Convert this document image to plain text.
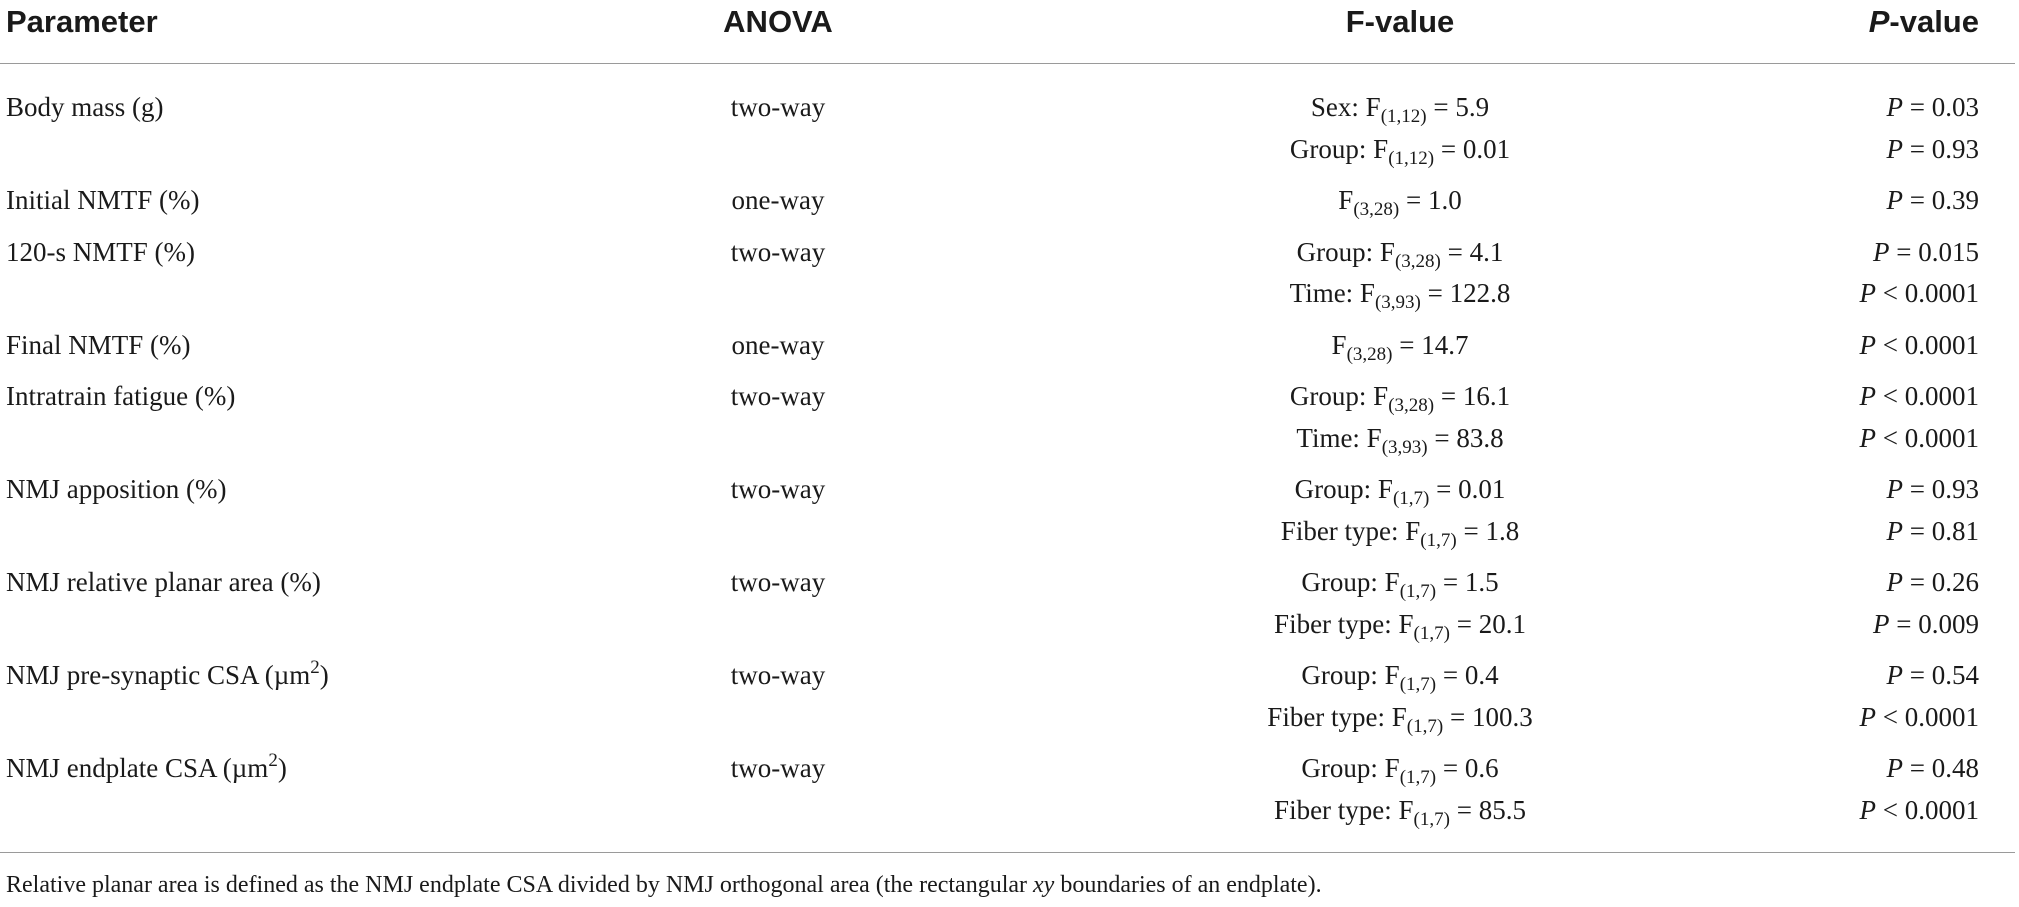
Parameter	ANOVA	F-value	P-value
Body mass (g)	two-way	Sex: $F_{(1,12)} = 5.9$	P = 0.03
Group: $F_{(1,12)} = 0.01$	P = 0.93
Initial NMTF (%)	one-way	$F_{(3,28)} = 1.0$	P = 0.39
120-s NMTF (%)	two-way	Group: $F_{(3,28)} = 4.1$	P = 0.015
Time: $F_{(3,93)} = 122.8$	P < 0.0001
Final NMTF (%)	one-way	$F_{(3,28)} = 14.7$	P < 0.0001
Intratrain fatigue (%)	two-way	Group: $F_{(3,28)} = 16.1$	P < 0.0001
Time: $F_{(3,93)} = 83.8$	P < 0.0001
NMJ apposition (%)	two-way	Group: $F_{(1,7)} = 0.01$	P = 0.93
Fiber type: $F_{(1,7)} = 1.8$	P = 0.81
NMJ relative planar area (%)	two-way	Group: $F_{(1,7)} = 1.5$	P = 0.26
Fiber type: $F_{(1,7)} = 20.1$	P = 0.009
NMJ pre-synaptic CSA (µm$^2$)	two-way	Group: $F_{(1,7)} = 0.4$	P = 0.54
Fiber type: $F_{(1,7)} = 100.3$	P < 0.0001
NMJ endplate CSA (µm$^2$)	two-way	Group: $F_{(1,7)} = 0.6$	P = 0.48
Fiber type: $F_{(1,7)} = 85.5$	P < 0.0001
Relative planar area is defined as the NMJ endplate CSA divided by NMJ orthogonal area (the rectangular xy boundaries of an endplate).
